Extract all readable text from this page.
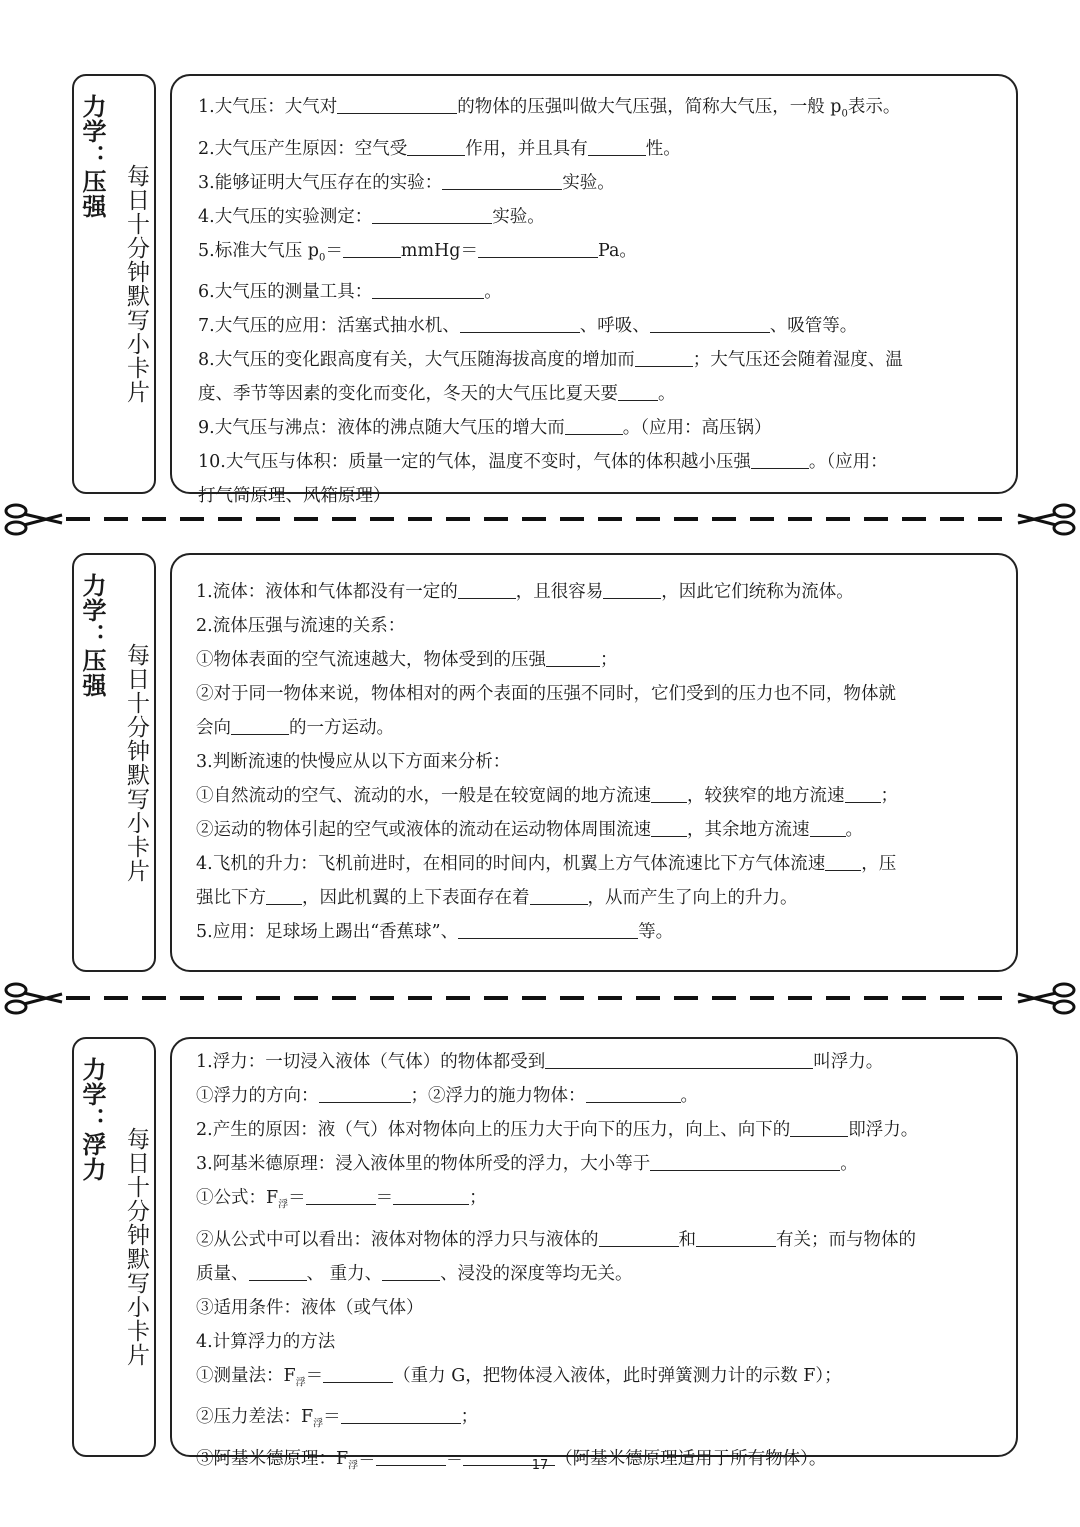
每日十分钟默写小卡片
力学：压强	1.大气压：大气对	的物体的压强叫做大气压强，简称大气压，一般 $p_0$表示。
2.大气压产生原因：空气受	作用，并且具有	性。
3.能够证明大气压存在的实验：	实验。
4.大气压的实验测定：	实验。
5.标准大气压 $p_0=$	mmHg＝	Pa。
6.大气压的测量工具：	。
7.大气压的应用：活塞式抽水机、	、呼吸、	、吸管等。
8.大气压的变化跟高度有关，大气压随海拔高度的增加而	；大气压还会随着湿度、温
度、季节等因素的变化而变化，冬天的大气压比夏天要 。
9.大气压与沸点：液体的沸点随大气压的增大而	。（应用：高压锅）
10.大气压与体积：质量一定的气体，温度不变时，气体的体积越小压强	。（应用：
打气筒原理、风箱原理）
每日十分钟默写小卡片
力学：压强	1.流体：液体和气体都没有一定的	，且很容易	，因此它们统称为流体。
2.流体压强与流速的关系：
①物体表面的空气流速越大，物体受到的压强	；
②对于同一物体来说，物体相对的两个表面的压强不同时，它们受到的压力也不同，物体就
会向	的一方运动。
3.判断流速的快慢应从以下方面来分析：
①自然流动的空气、流动的水，一般是在较宽阔的地方流速 ，较狭窄的地方流速 ；
②运动的物体引起的空气或液体的流动在运动物体周围流速 ，其余地方流速 。
4.飞机的升力：飞机前进时，在相同的时间内，机翼上方气体流速比下方气体流速 ，压
强比下方 ，因此机翼的上下表面存在着	，从而产生了向上的升力。
5.应用：足球场上踢出“香蕉球”、	等。
每日十分钟默写小卡片
力学：浮力	1.浮力：一切浸入液体（气体）的物体都受到	叫浮力。
①浮力的方向：	；②浮力的施力物体：	。
2.产生的原因：液（气）体对物体向上的压力大于向下的压力，向上、向下的	即浮力。
3.阿基米德原理：浸入液体里的物体所受的浮力，大小等于	。
①公式：$F_浮=$	＝	；
②从公式中可以看出：液体对物体的浮力只与液体的	和	有关；而与物体的
质量、	、 重力、	、浸没的深度等均无关。
③适用条件：液体（或气体）
4.计算浮力的方法
①测量法：$F_浮=$	（重力 G，把物体浸入液体，此时弹簧测力计的示数 F）；
②压力差法：$F_浮=$	；
③阿基米德原理：$F_浮=$	＝	（阿基米德原理适用于所有物体）。
17
